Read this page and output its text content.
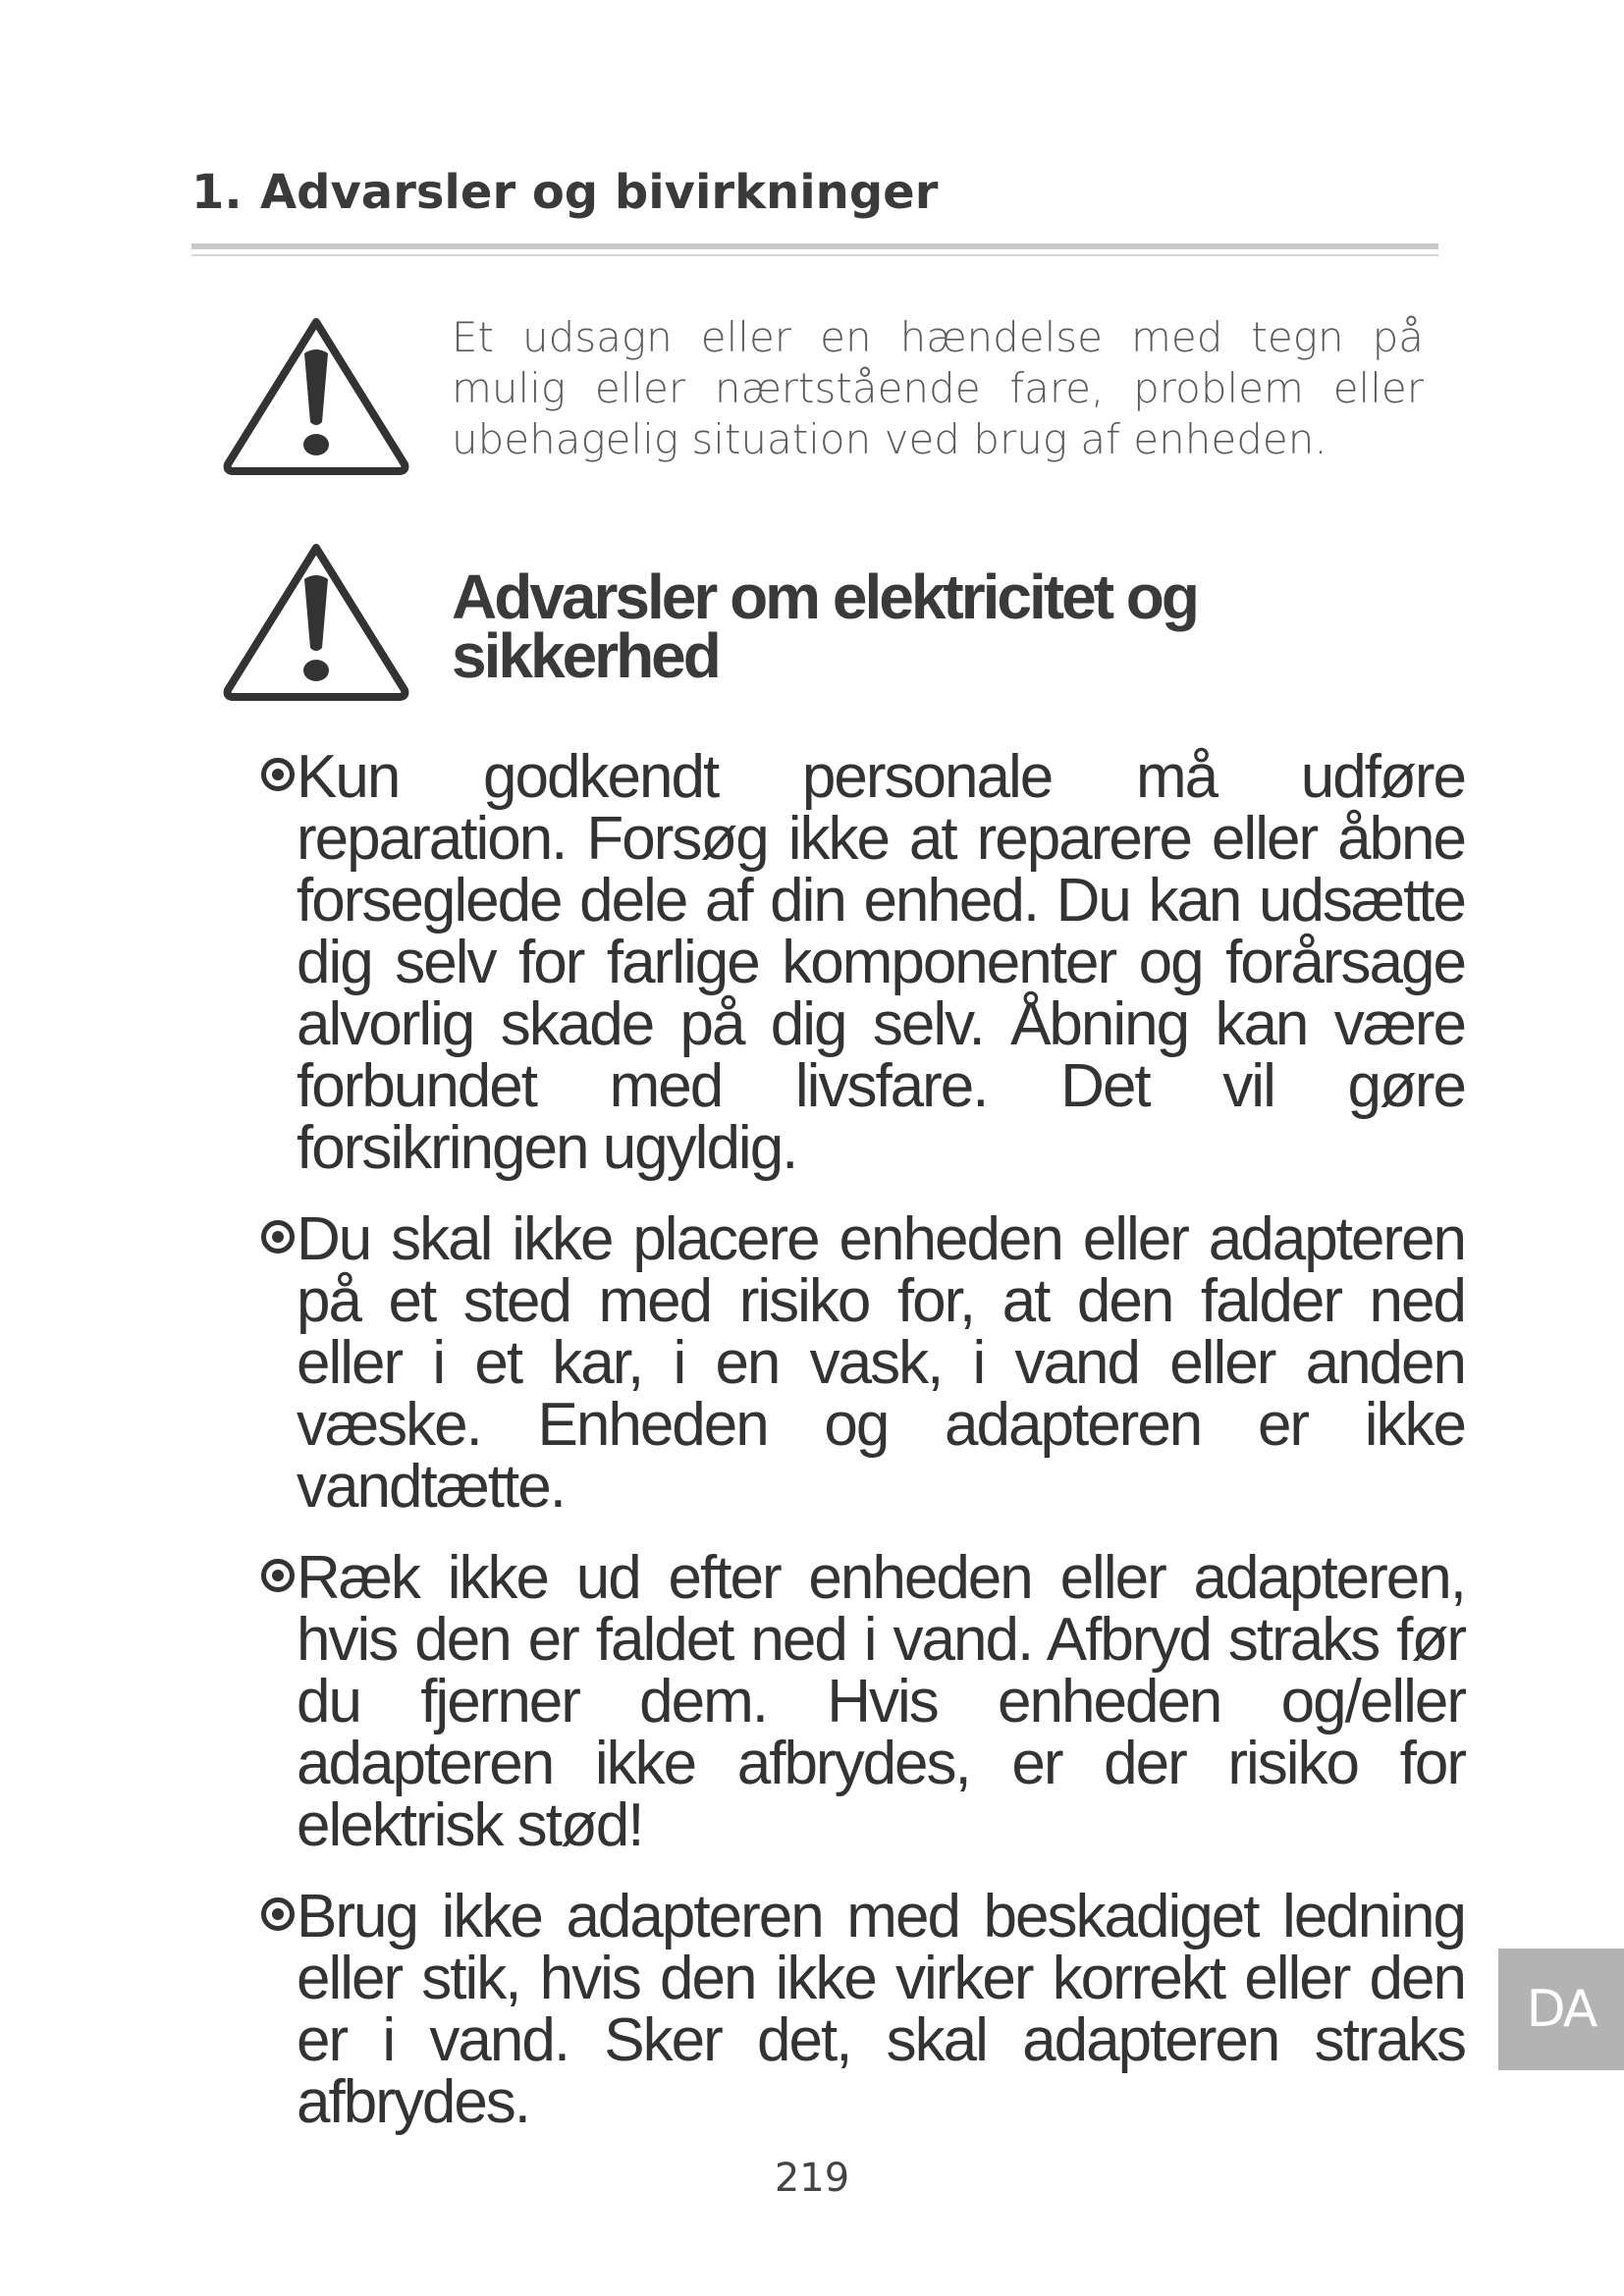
1. Advarsler og bivirkninger
Et udsagn eller en hændelse med tegn på mulig eller nærtstående fare, problem eller ubehagelig situation ved brug af enheden.
Advarsler om elektricitet og sikkerhed
Kun godkendt personale må udføre reparation. Forsøg ikke at reparere eller åbne forseglede dele af din enhed. Du kan udsætte dig selv for farlige komponenter og forårsage alvorlig skade på dig selv. Åbning kan være forbundet med livsfare. Det vil gøre forsikringen ugyldig.
Du skal ikke placere enheden eller adapteren på et sted med risiko for, at den falder ned eller i et kar, i en vask, i vand eller anden væske. Enheden og adapteren er ikke vandtætte.
Ræk ikke ud efter enheden eller adapteren, hvis den er faldet ned i vand. Afbryd straks før du fjerner dem. Hvis enheden og/eller adapteren ikke afbrydes, er der risiko for elektrisk stød!
Brug ikke adapteren med beskadiget ledning eller stik, hvis den ikke virker korrekt eller den er i vand. Sker det, skal adapteren straks afbrydes.
DA
219
